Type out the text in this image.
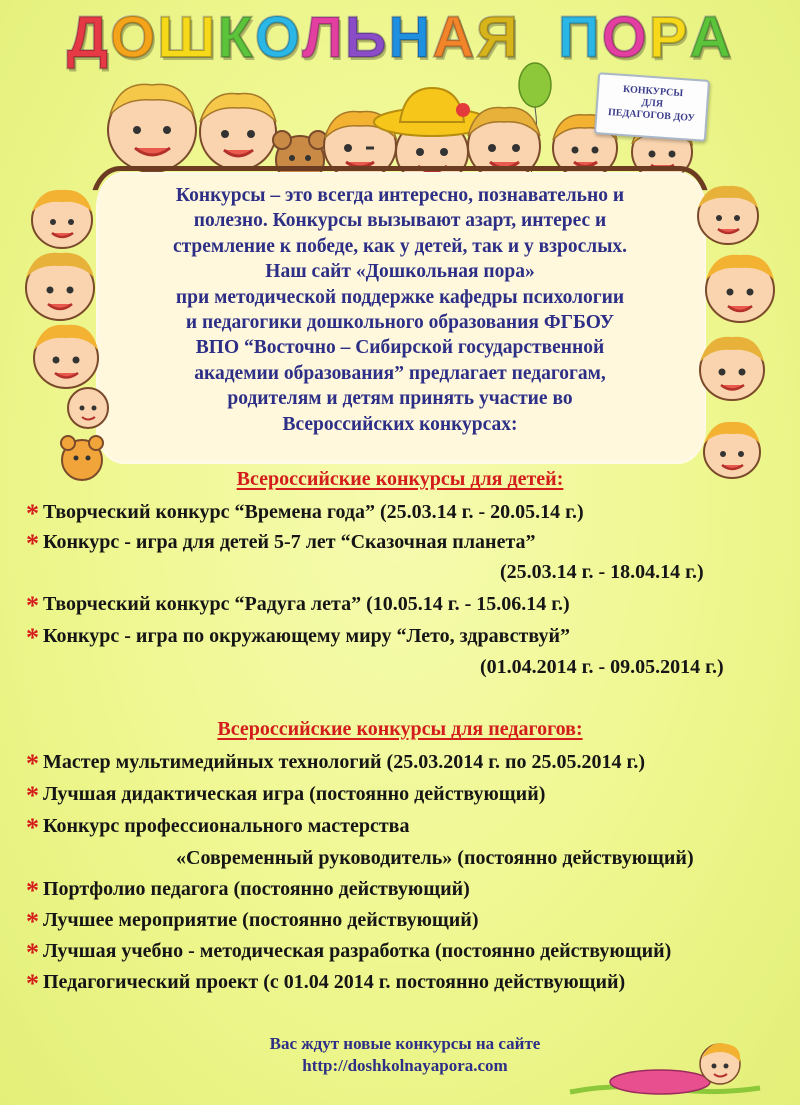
ДОШКОЛЬНАЯ ПОРА
КОНКУРСЫ
ДЛЯ
ПЕДАГОГОВ ДОУ
Конкурсы – это всегда интересно, познавательно и
полезно. Конкурсы вызывают азарт, интерес и
стремление к победе, как у детей, так и у взрослых.
Наш сайт «Дошкольная пора»
при методической поддержке кафедры психологии
и педагогики дошкольного образования ФГБОУ
ВПО “Восточно – Сибирской государственной
академии образования” предлагает педагогам,
родителям и детям принять участие во
Всероссийских конкурсах:
Всероссийские конкурсы для детей:
* Творческий конкурс “Времена года” (25.03.14 г. - 20.05.14 г.)
* Конкурс - игра для детей 5-7 лет “Сказочная планета”
(25.03.14 г. - 18.04.14 г.)
* Творческий конкурс “Радуга лета” (10.05.14 г. - 15.06.14 г.)
* Конкурс - игра по окружающему миру “Лето, здравствуй”
(01.04.2014 г. - 09.05.2014 г.)
Всероссийские конкурсы для педагогов:
* Мастер мультимедийных технологий (25.03.2014 г. по 25.05.2014 г.)
* Лучшая дидактическая игра (постоянно действующий)
* Конкурс профессионального мастерства
«Современный руководитель» (постоянно действующий)
* Портфолио педагога (постоянно действующий)
* Лучшее мероприятие (постоянно действующий)
* Лучшая учебно - методическая разработка (постоянно действующий)
* Педагогический проект (с 01.04 2014 г. постоянно действующий)
Вас ждут новые конкурсы на сайте
http://doshkolnayapora.com
